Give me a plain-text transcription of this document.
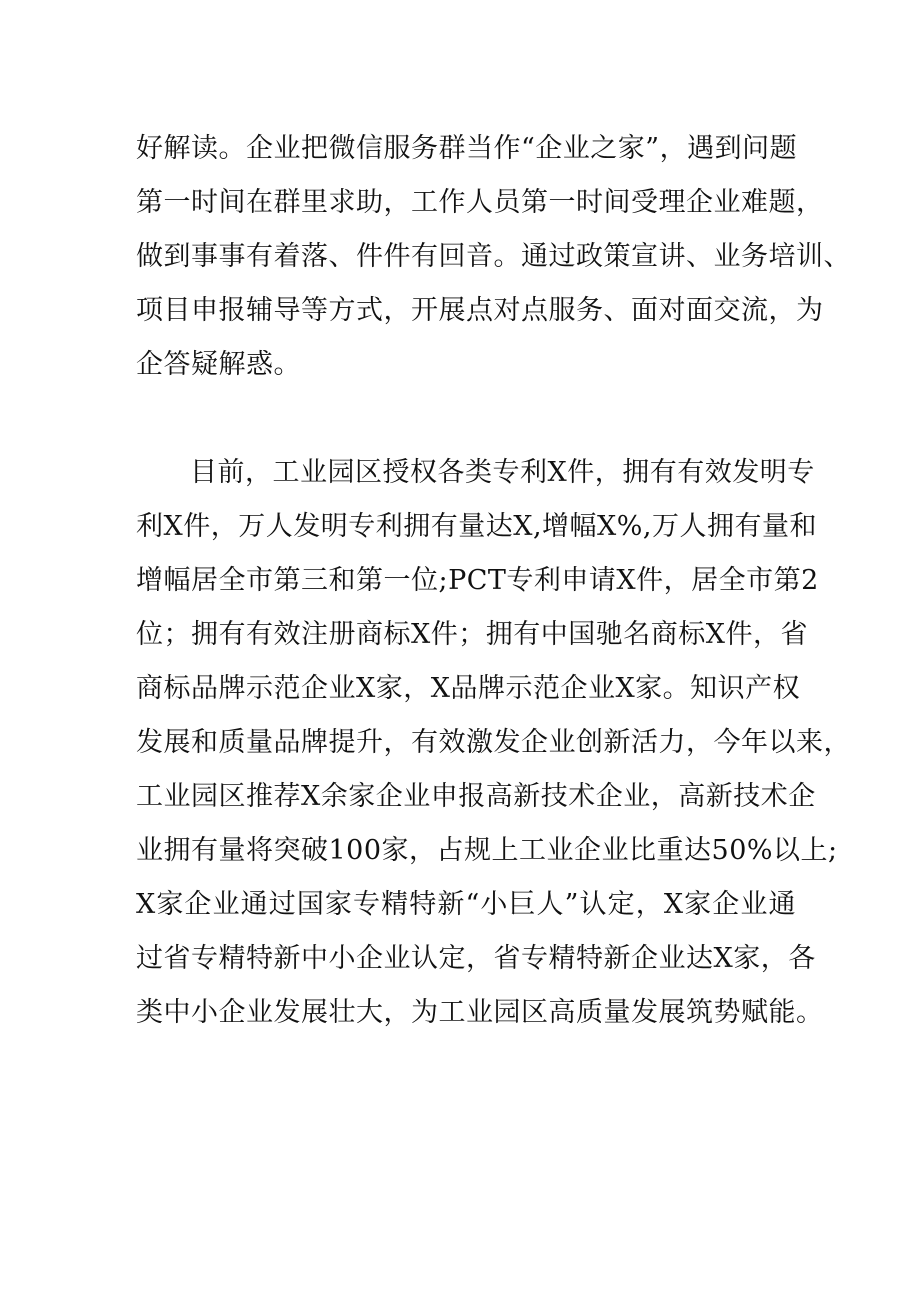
好解读。企业把微信服务群当作“企业之家”，遇到问题
第一时间在群里求助，工作人员第一时间受理企业难题，
做到事事有着落、件件有回音。通过政策宣讲、业务培训、
项目申报辅导等方式，开展点对点服务、面对面交流，为
企答疑解惑。
目前，工业园区授权各类专利X件，拥有有效发明专
利X件，万人发明专利拥有量达X,增幅X%,万人拥有量和
增幅居全市第三和第一位;PCT专利申请X件，居全市第2
位；拥有有效注册商标X件；拥有中国驰名商标X件，省
商标品牌示范企业X家，X品牌示范企业X家。知识产权
发展和质量品牌提升，有效激发企业创新活力，今年以来，
工业园区推荐X余家企业申报高新技术企业，高新技术企
业拥有量将突破100家，占规上工业企业比重达50%以上;
X家企业通过国家专精特新“小巨人”认定，X家企业通
过省专精特新中小企业认定，省专精特新企业达X家，各
类中小企业发展壮大，为工业园区高质量发展筑势赋能。
